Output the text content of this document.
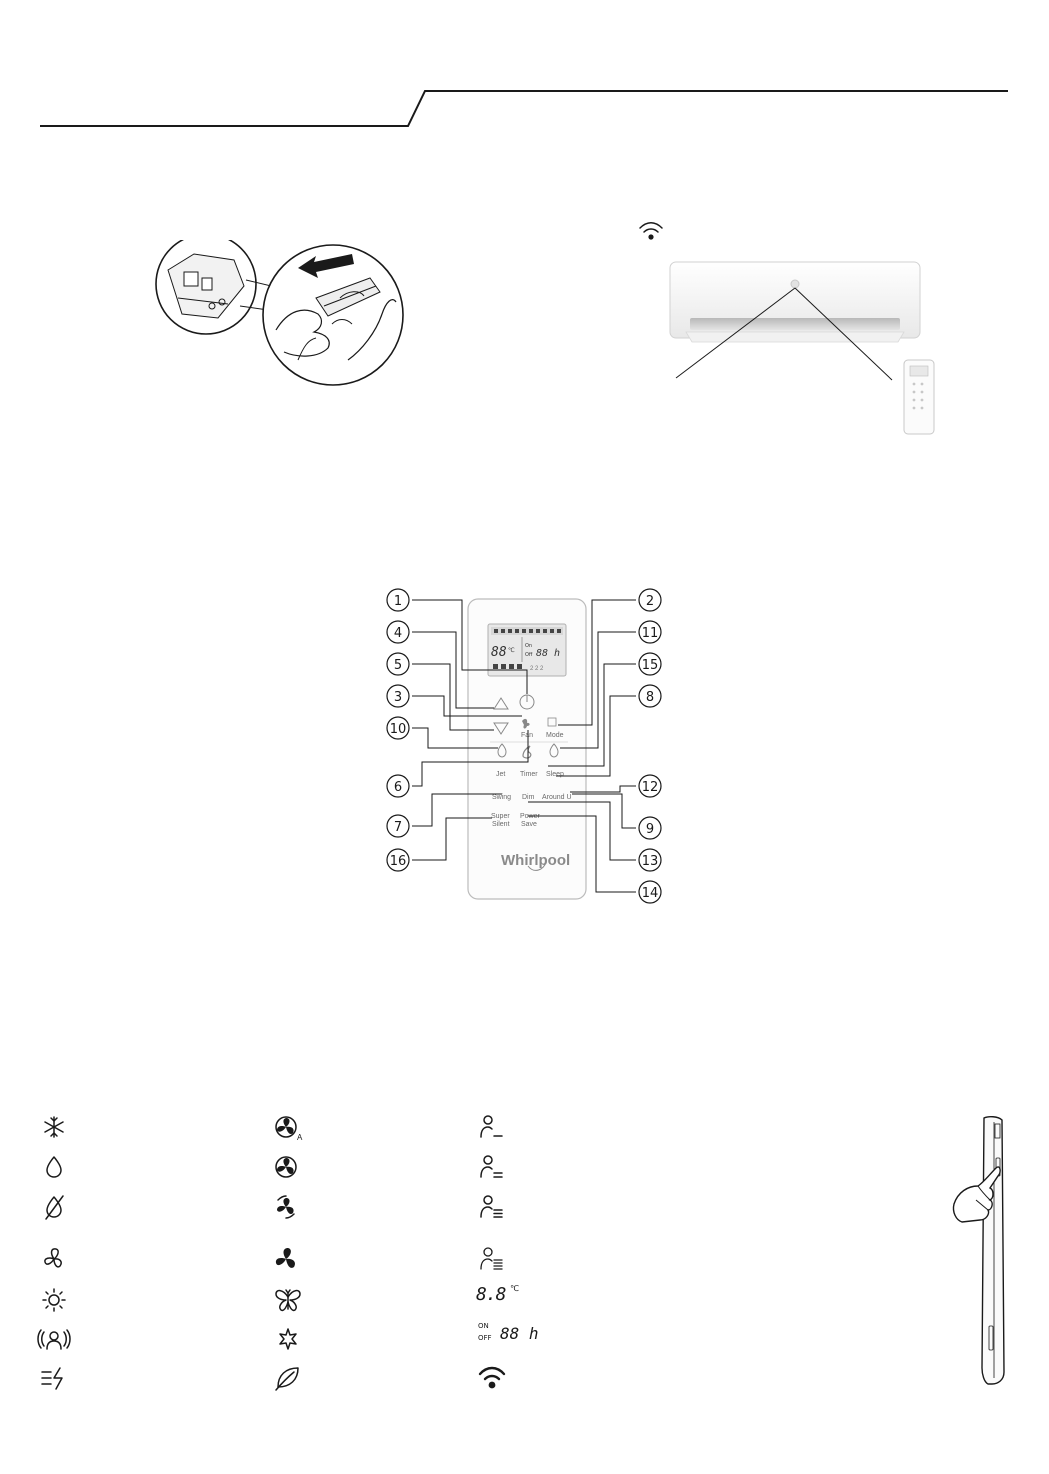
88 ℃
On
Off 88 h
2 2 2
Fan Mode
Timer Sleep
Jet
Swing Dim Around U
Super
Silent
Power
Save
Whirlpool
1	2
4	11
5	15
3	8
10
6	12
7	9
16	13
14
A
8.8 ℃
ON
OFF 88 h
